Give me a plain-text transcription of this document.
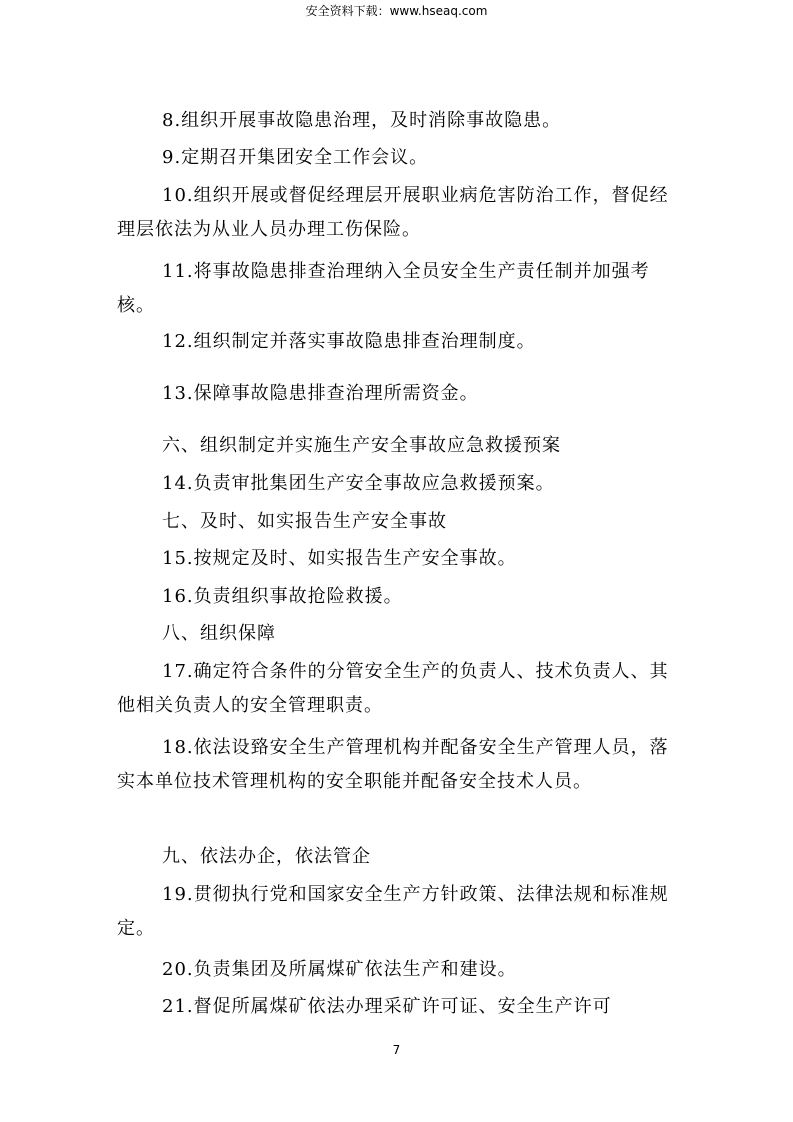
安全资料下载：www.hseaq.com

8.组织开展事故隐患治理，及时消除事故隐患。

9.定期召开集团安全工作会议。

10.组织开展或督促经理层开展职业病危害防治工作，督促经理层依法为从业人员办理工伤保险。

11.将事故隐患排查治理纳入全员安全生产责任制并加强考核。

12.组织制定并落实事故隐患排查治理制度。

13.保障事故隐患排查治理所需资金。

六、组织制定并实施生产安全事故应急救援预案

14.负责审批集团生产安全事故应急救援预案。

七、及时、如实报告生产安全事故

15.按规定及时、如实报告生产安全事故。

16.负责组织事故抢险救援。

八、组织保障

17.确定符合条件的分管安全生产的负责人、技术负责人、其他相关负责人的安全管理职责。

18.依法设臵安全生产管理机构并配备安全生产管理人员，落实本单位技术管理机构的安全职能并配备安全技术人员。

九、依法办企，依法管企

19.贯彻执行党和国家安全生产方针政策、法律法规和标准规定。

20.负责集团及所属煤矿依法生产和建设。

21.督促所属煤矿依法办理采矿许可证、安全生产许可

7
